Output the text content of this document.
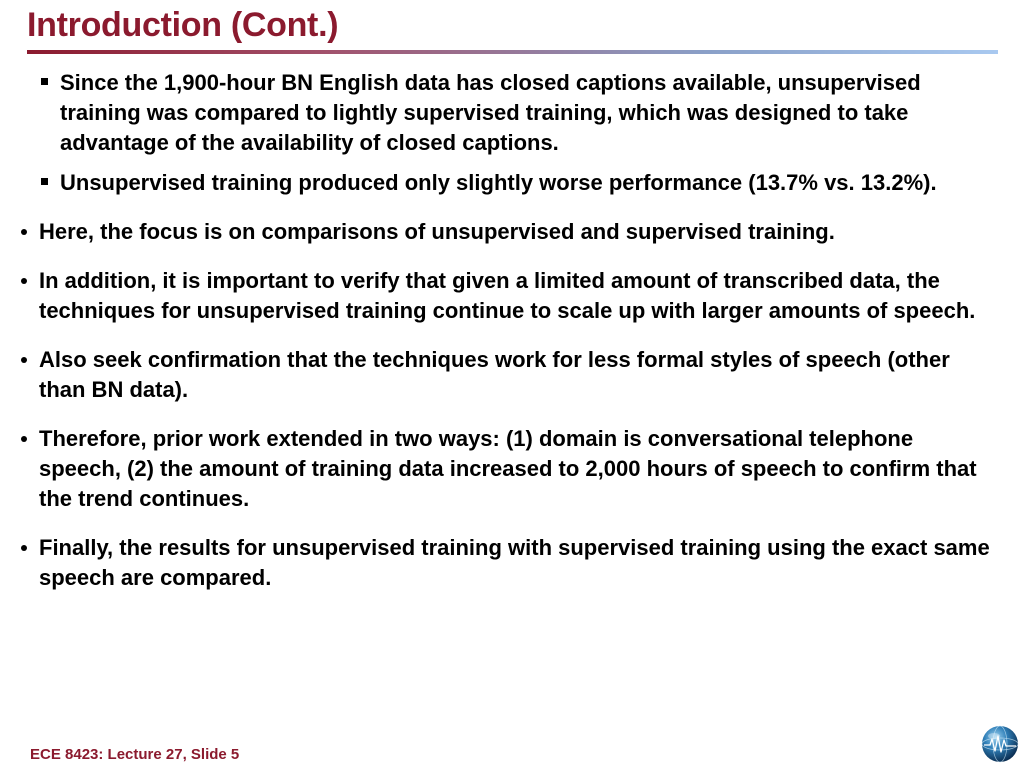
Introduction (Cont.)
Since the 1,900-hour BN English data has closed captions available, unsupervised training was compared to lightly supervised training, which was designed to take advantage of the availability of closed captions.
Unsupervised training produced only slightly worse performance (13.7% vs. 13.2%).
Here, the focus is on comparisons of unsupervised and supervised training.
In addition, it is important to verify that given a limited amount of transcribed data, the techniques for unsupervised training continue to scale up with larger amounts of speech.
Also seek confirmation that the techniques work for less formal styles of speech (other than BN data).
Therefore, prior work extended in two ways: (1) domain is conversational telephone speech, (2) the amount of training data increased to 2,000 hours of speech to confirm that the trend continues.
Finally, the results for unsupervised training with supervised training using the exact same speech are compared.
ECE 8423: Lecture 27, Slide 5
